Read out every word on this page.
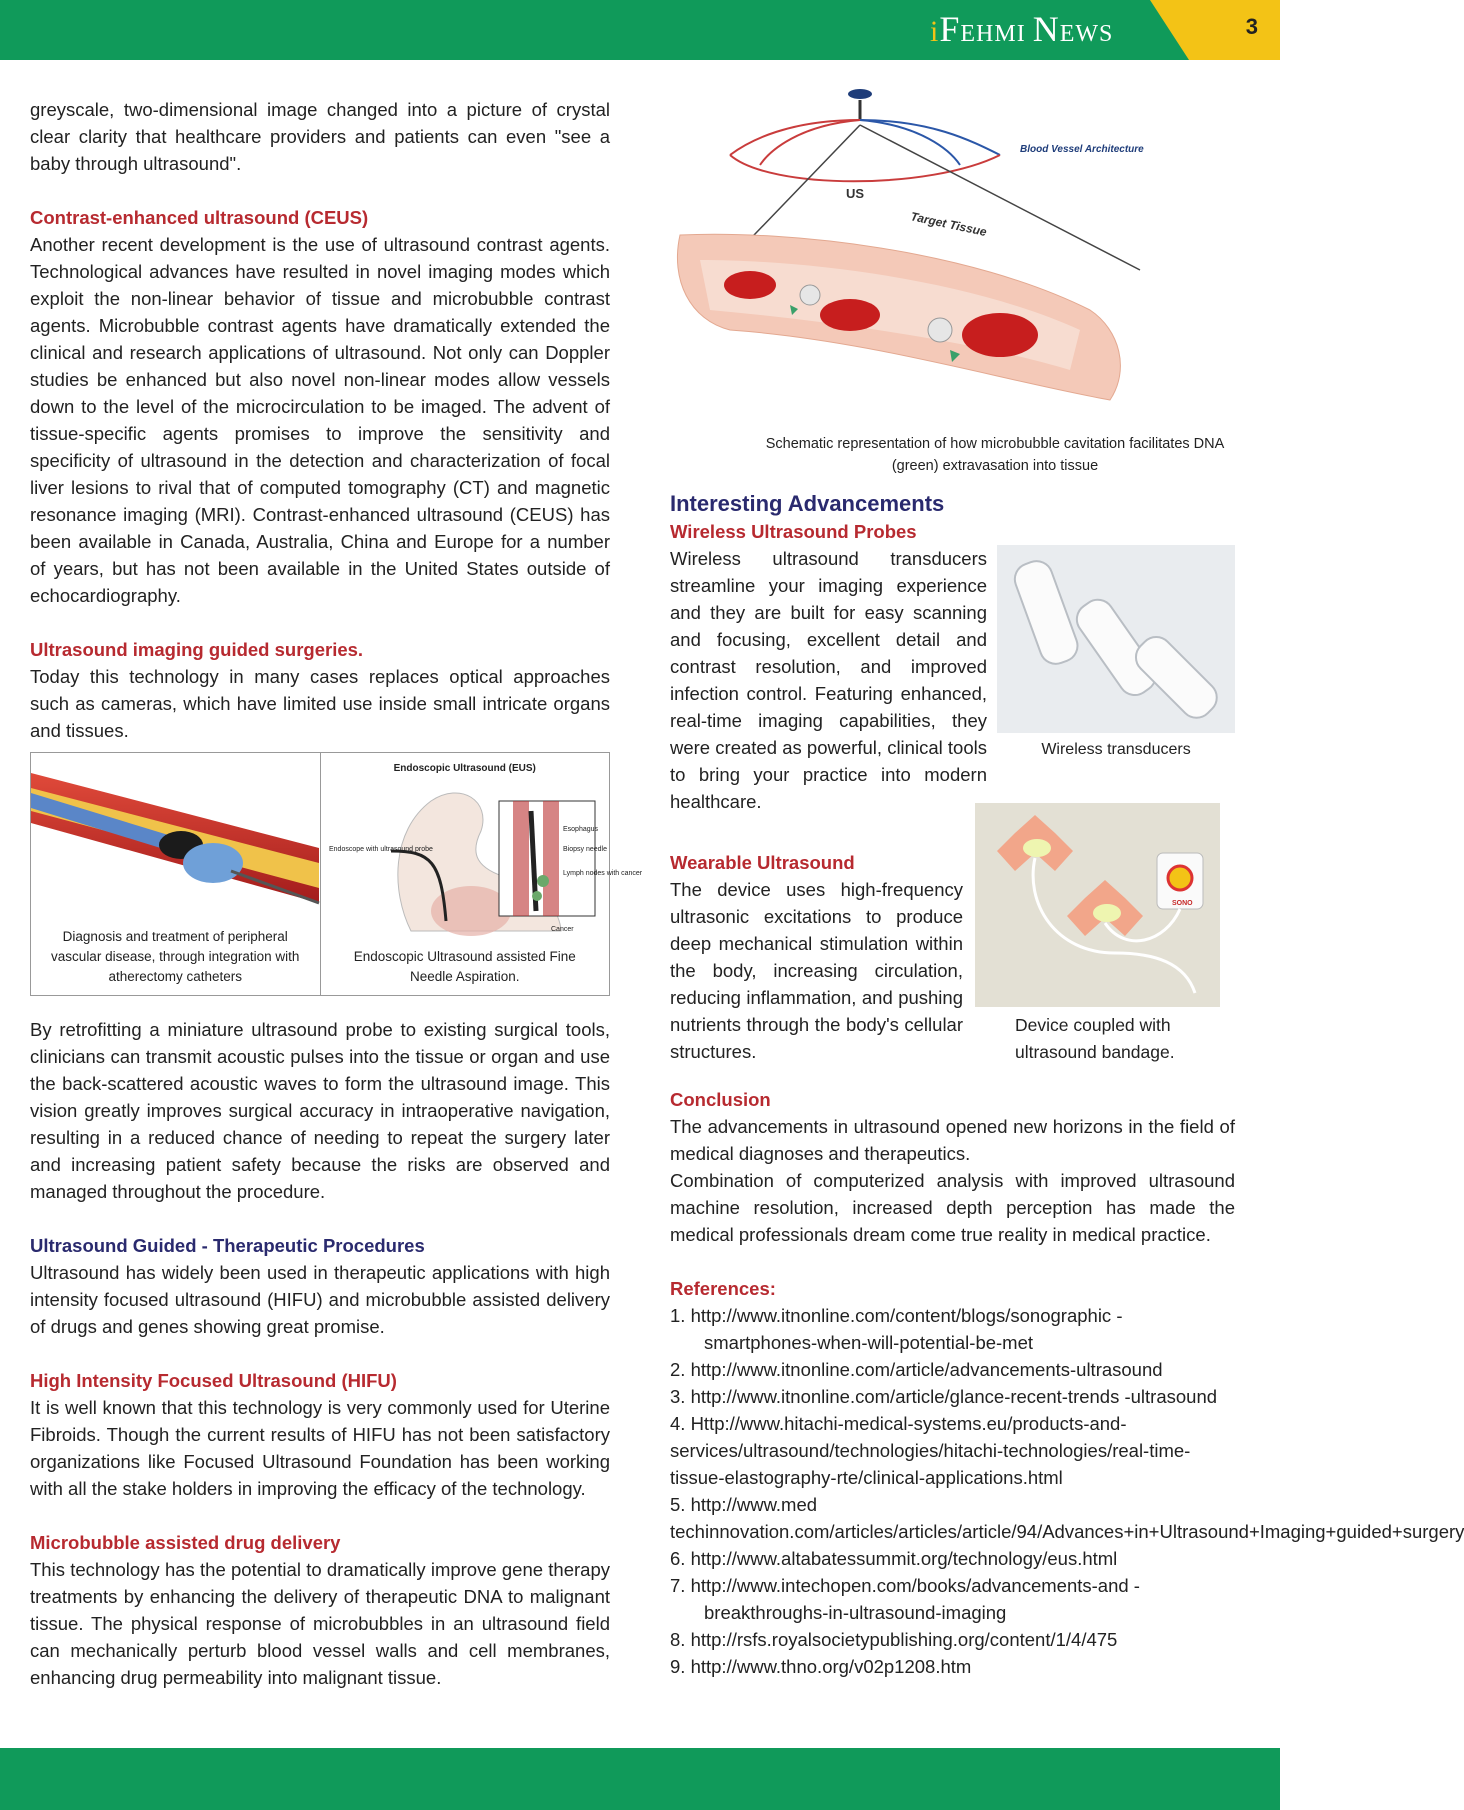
iFEHMI NEWS	3

greyscale, two-dimensional image changed into a picture of crystal clear clarity that healthcare providers and patients can even "see a baby through ultrasound".

Contrast-enhanced ultrasound (CEUS)

Another recent development is the use of ultrasound contrast agents. Technological advances have resulted in novel imaging modes which exploit the non-linear behavior of tissue and microbubble contrast agents. Microbubble contrast agents have dramatically extended the clinical and research applications of ultrasound. Not only can Doppler studies be enhanced but also novel non-linear modes allow vessels down to the level of the microcirculation to be imaged. The advent of tissue-specific agents promises to improve the sensitivity and specificity of ultrasound in the detection and characterization of focal liver lesions to rival that of computed tomography (CT) and magnetic resonance imaging (MRI). Contrast-enhanced ultrasound (CEUS) has been available in Canada, Australia, China and Europe for a number of years, but has not been available in the United States outside of echocardiography.

Ultrasound imaging guided surgeries.

Today this technology in many cases replaces optical approaches such as cameras, which have limited use inside small intricate organs and tissues.

Diagnosis and treatment of peripheral vascular disease, through integration with atherectomy catheters
Endoscopic Ultrasound (EUS)
Endoscope with ultrasound probe
Esophagus
Biopsy needle
Lymph nodes with cancer
Cancer
Endoscopic Ultrasound assisted Fine Needle Aspiration.

By retrofitting a miniature ultrasound probe to existing surgical tools, clinicians can transmit acoustic pulses into the tissue or organ and use the back-scattered acoustic waves to form the ultrasound image. This vision greatly improves surgical accuracy in intraoperative navigation, resulting in a reduced chance of needing to repeat the surgery later and increasing patient safety because the risks are observed and managed throughout the procedure.

Ultrasound Guided - Therapeutic Procedures

Ultrasound has widely been used in therapeutic applications with high intensity focused ultrasound (HIFU) and microbubble assisted delivery of drugs and genes showing great promise.

High Intensity Focused Ultrasound (HIFU)

It is well known that this technology is very commonly used for Uterine Fibroids. Though the current results of HIFU has not been satisfactory organizations like Focused Ultrasound Foundation has been working with all the stake holders in improving the efficacy of the technology.

Microbubble assisted drug delivery

This technology has the potential to dramatically improve gene therapy treatments by enhancing the delivery of therapeutic DNA to malignant tissue. The physical response of microbubbles in an ultrasound field can mechanically perturb blood vessel walls and cell membranes, enhancing drug permeability into malignant tissue.

Blood Vessel Architecture
US
Target Tissue
Schematic representation of how microbubble cavitation facilitates DNA (green) extravasation into tissue
Interesting Advancements
Wireless Ultrasound Probes

Wireless ultrasound transducers streamline your imaging experience and they are built for easy scanning and focusing, excellent detail and contrast resolution, and improved infection control. Featuring enhanced, real-time imaging capabilities, they were created as powerful, clinical tools to bring your practice into modern healthcare.

Wireless transducers
Wearable Ultrasound

The device uses high-frequency ultrasonic excitations to produce deep mechanical stimulation within the body, increasing circulation, reducing inflammation, and pushing nutrients through the body's cellular structures.

SONO
Device coupled with ultrasound bandage.
Conclusion

The advancements in ultrasound opened new horizons in the field of medical diagnoses and therapeutics.

Combination of computerized analysis with improved ultrasound machine resolution, increased depth perception has made the medical professionals dream come true reality in medical practice.

References:
1. http://www.itnonline.com/content/blogs/sonographic -smartphones-when-will-potential-be-met
2. http://www.itnonline.com/article/advancements-ultrasound
3. http://www.itnonline.com/article/glance-recent-trends -ultrasound
4. Http://www.hitachi-medical-systems.eu/products-and-services/ultrasound/technologies/hitachi-technologies/real-time-tissue-elastography-rte/clinical-applications.html
5. http://www.med techinnovation.com/articles/articles/article/94/Advances+in+Ultrasound+Imaging+guided+surgery
6. http://www.altabatessummit.org/technology/eus.html
7. http://www.intechopen.com/books/advancements-and -breakthroughs-in-ultrasound-imaging
8. http://rsfs.royalsocietypublishing.org/content/1/4/475
9. http://www.thno.org/v02p1208.htm
